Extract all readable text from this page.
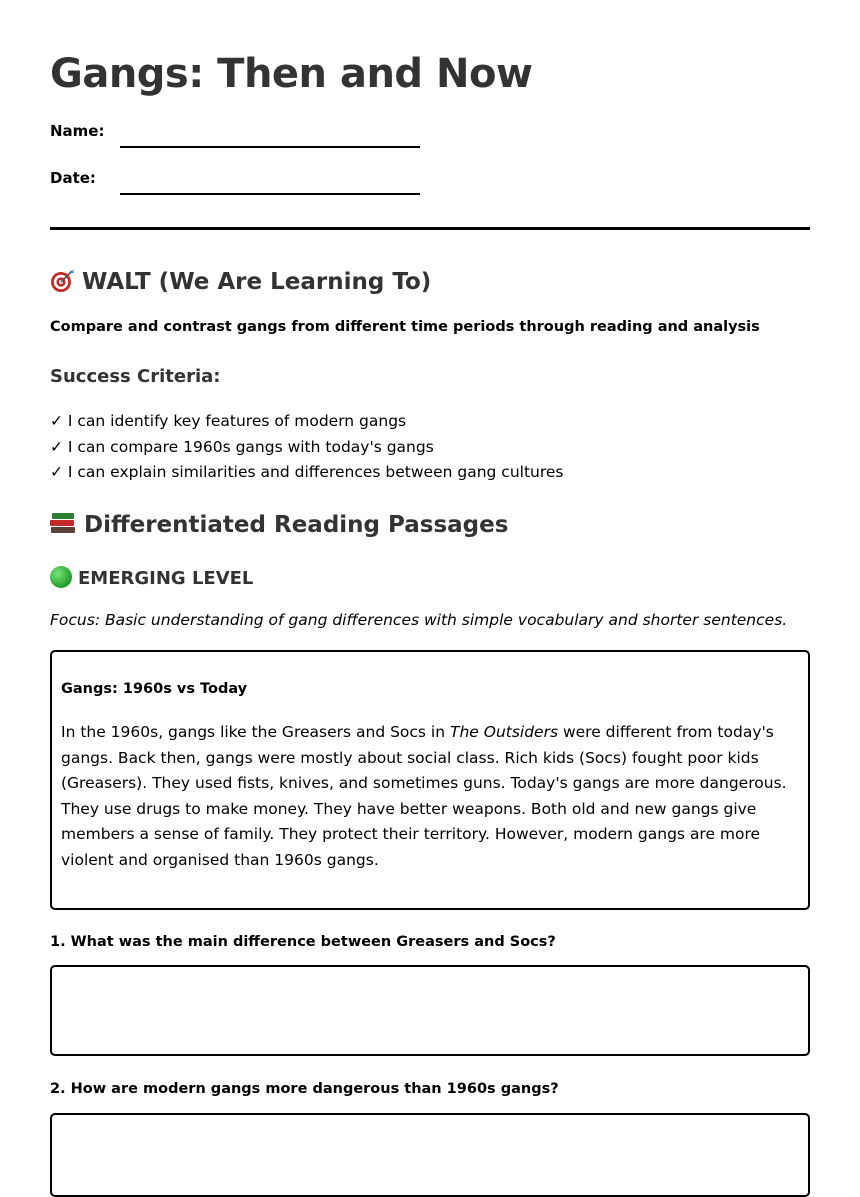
Gangs: Then and Now
Name:
Date:
WALT (We Are Learning To)
Compare and contrast gangs from different time periods through reading and analysis
Success Criteria:
✓ I can identify key features of modern gangs
✓ I can compare 1960s gangs with today's gangs
✓ I can explain similarities and differences between gang cultures
Differentiated Reading Passages
EMERGING LEVEL
Focus: Basic understanding of gang differences with simple vocabulary and shorter sentences.
Gangs: 1960s vs Today

In the 1960s, gangs like the Greasers and Socs in The Outsiders were different from today's gangs. Back then, gangs were mostly about social class. Rich kids (Socs) fought poor kids (Greasers). They used fists, knives, and sometimes guns. Today's gangs are more dangerous. They use drugs to make money. They have better weapons. Both old and new gangs give members a sense of family. They protect their territory. However, modern gangs are more violent and organised than 1960s gangs.

1. What was the main difference between Greasers and Socs?
2. How are modern gangs more dangerous than 1960s gangs?
